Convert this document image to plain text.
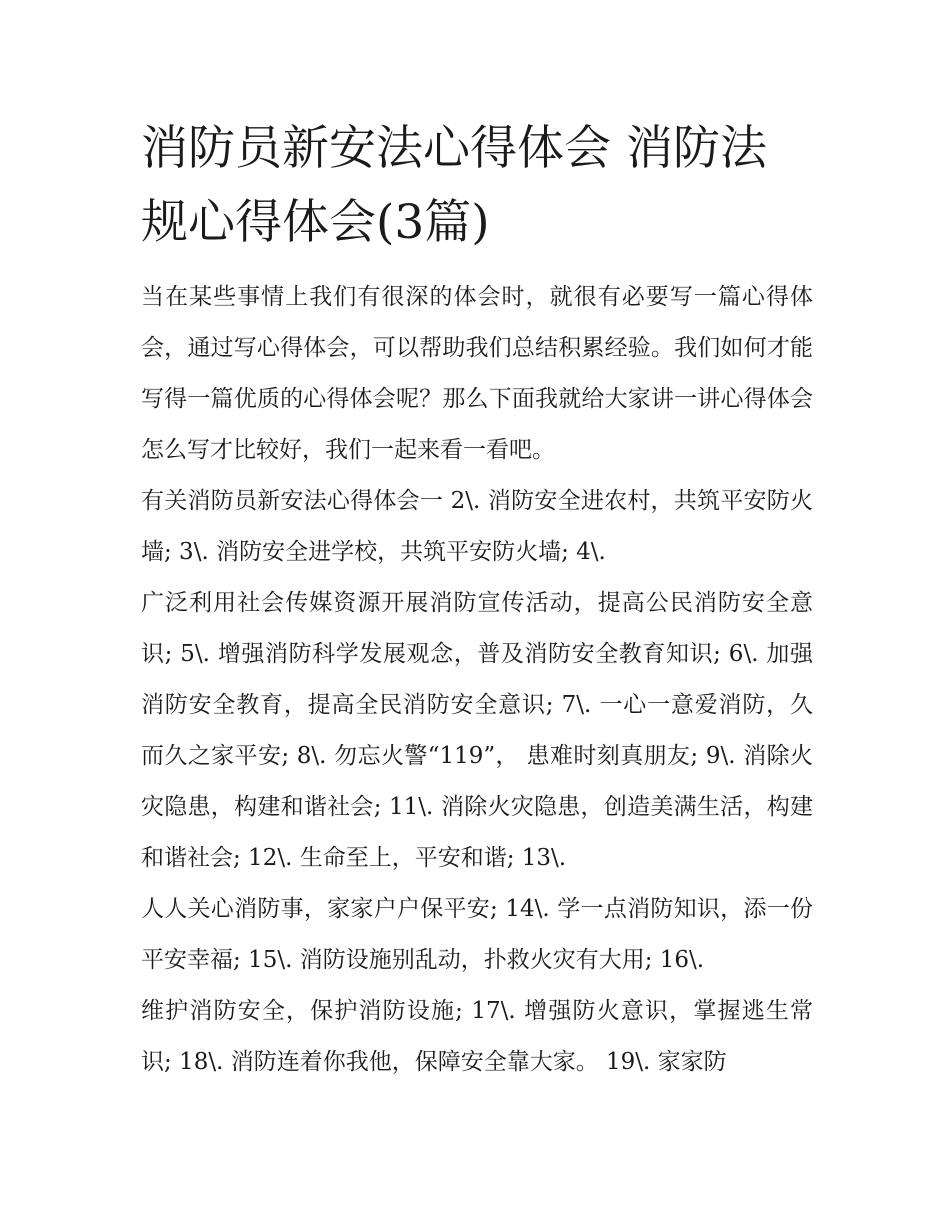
消防员新安法心得体会 消防法规心得体会(3篇)

当在某些事情上我们有很深的体会时，就很有必要写一篇心得体会，通过写心得体会，可以帮助我们总结积累经验。我们如何才能写得一篇优质的心得体会呢？那么下面我就给大家讲一讲心得体会怎么写才比较好，我们一起来看一看吧。

有关消防员新安法心得体会一 2\. 消防安全进农村，共筑平安防火墙; 3\. 消防安全进学校，共筑平安防火墙; 4\.

广泛利用社会传媒资源开展消防宣传活动，提高公民消防安全意识; 5\. 增强消防科学发展观念，普及消防安全教育知识; 6\. 加强消防安全教育，提高全民消防安全意识; 7\. 一心一意爱消防，久而久之家平安; 8\. 勿忘火警“119”， 患难时刻真朋友; 9\. 消除火灾隐患，构建和谐社会; 11\. 消除火灾隐患，创造美满生活，构建和谐社会; 12\. 生命至上，平安和谐; 13\.

人人关心消防事，家家户户保平安; 14\. 学一点消防知识，添一份平安幸福; 15\. 消防设施别乱动，扑救火灾有大用; 16\.

维护消防安全，保护消防设施; 17\. 增强防火意识，掌握逃生常识; 18\. 消防连着你我他，保障安全靠大家。 19\. 家家防
